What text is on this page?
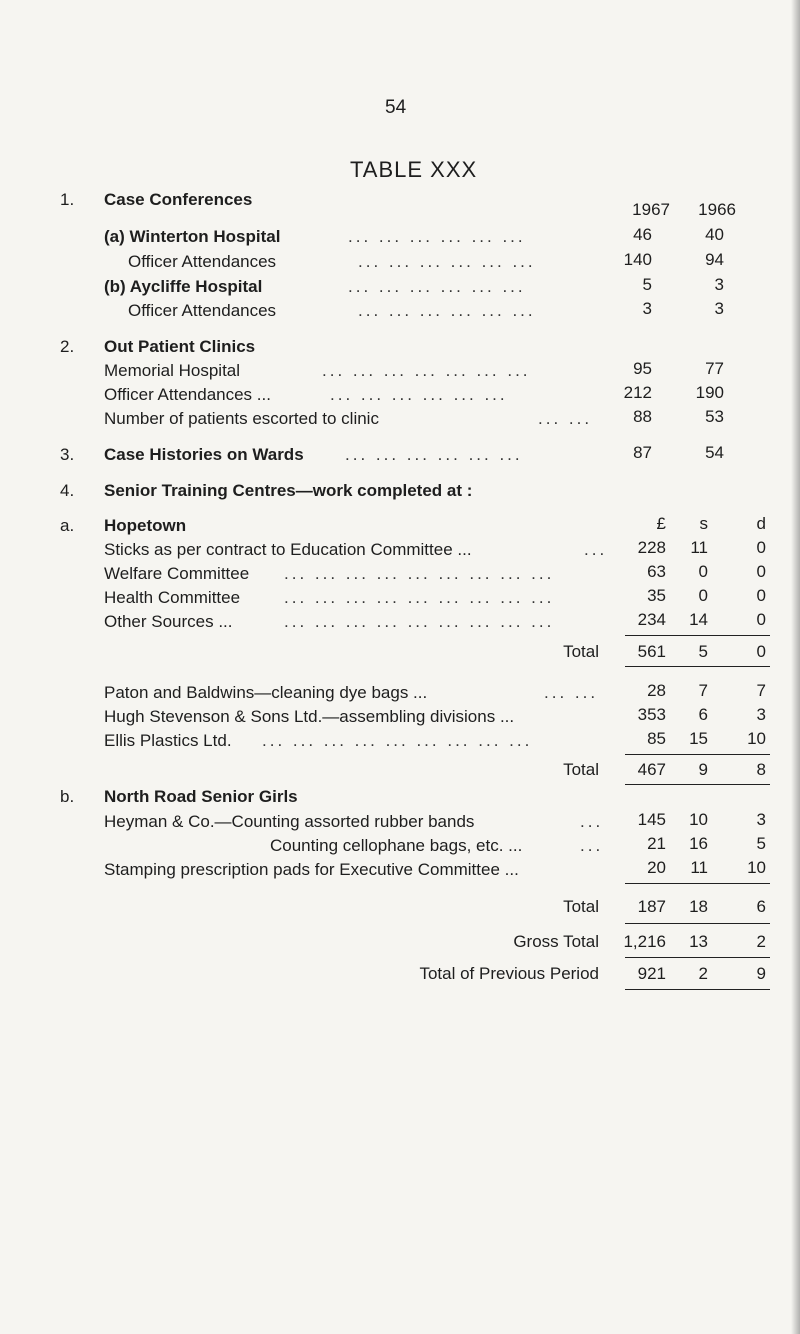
54
TABLE XXX
1. Case Conferences
1967	1966
(a) Winterton Hospital	... ... ... ... ... ...	46	40
Officer Attendances	... ... ... ... ... ...	140	94
(b) Aycliffe Hospital	... ... ... ... ... ...	5	3
Officer Attendances	... ... ... ... ... ...	3	3
2. Out Patient Clinics
Memorial Hospital	... ... ... ... ... ... ...	95	77
Officer Attendances ...	... ... ... ... ... ...	212	190
Number of patients escorted to clinic	... ...	88	53
3. Case Histories on Wards ... ... ... ... ... ...	87	54
4. Senior Training Centres—work completed at :
a. Hopetown	£	s	d
Sticks as per contract to Education Committee ...	...	228	11	0
Welfare Committee ... ... ... ... ... ... ... ... ...	63	0	0
Health Committee	... ... ... ... ... ... ... ... ...	35	0	0
Other Sources ...	... ... ... ... ... ... ... ... ...	234	14	0
Total	561	5	0
Paton and Baldwins—cleaning dye bags ...	... ...	28	7	7
Hugh Stevenson & Sons Ltd.—assembling divisions ...	353	6	3
Ellis Plastics Ltd. ... ... ... ... ... ... ... ... ...	85	15	10
Total	467	9	8
b. North Road Senior Girls
Heyman & Co.—Counting assorted rubber bands	...	145	10	3
Counting cellophane bags, etc. ...	...	21	16	5
Stamping prescription pads for Executive Committee ...	20	11	10
Total	187	18	6
Gross Total	1,216	13	2
Total of Previous Period	921	2	9
